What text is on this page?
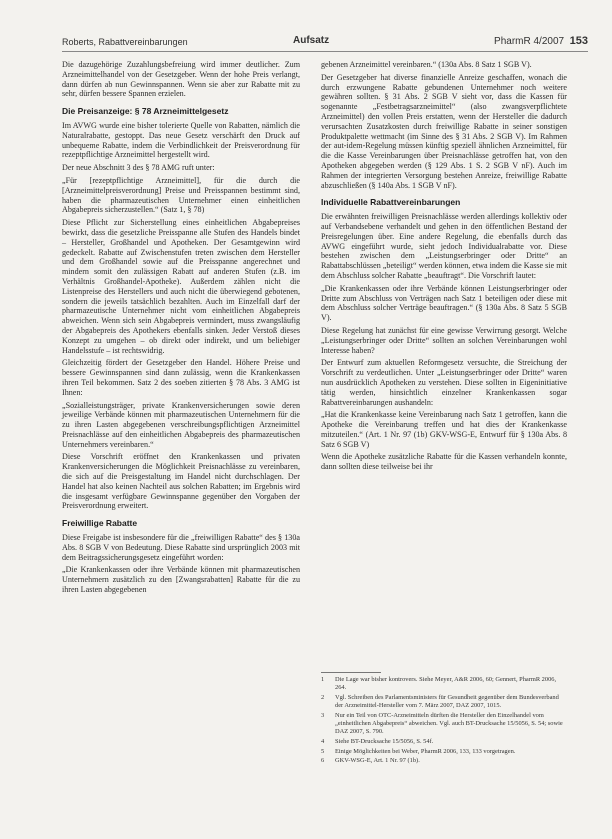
Roberts, Rabattvereinbarungen	Aufsatz	PharmR 4/2007 153

Die dazugehörige Zuzahlungsbefreiung wird immer deutlicher. Zum Arzneimittelhandel von der Gesetzgeber. Wenn der hohe Preis verlangt, dann dürfen ab nun Gewinnspannen. Wenn sie aber zur Rabatte mit zu sehr, dürfen bessere Spannen erzielen.

Die Preisanzeige: § 78 Arzneimittelgesetz

Im AVWG wurde eine bisher tolerierte Quelle von Rabatten, nämlich die Naturalrabatte, gestoppt. Das neue Gesetz verschärft den Druck auf unbequeme Rabatte, indem die Verbindlichkeit der Preisverordnung für rezeptpflichtige Arzneimittel hergestellt wird.

Der neue Abschnitt 3 des § 78 AMG ruft unter:

„Für [rezeptpflichtige Arzneimittel], für die durch die [Arzneimittelpreisverordnung] Preise und Preisspannen bestimmt sind, haben die pharmazeutischen Unternehmer einen einheitlichen Abgabepreis sicherzustellen.“ (Satz 1, § 78)

Diese Pflicht zur Sicherstellung eines einheitlichen Abgabepreises bewirkt, dass die gesetzliche Preisspanne alle Stufen des Handels bindet – Hersteller, Großhandel und Apotheken. Der Gesamtgewinn wird gedeckelt. Rabatte auf Zwischenstufen treten zwischen dem Hersteller und dem Großhandel sowie auf die Preisspanne angerechnet und mindern somit den zulässigen Rabatt auf anderen Stufen (z.B. im Verhältnis Großhandel-Apotheke). Außerdem zählen nicht die Listenpreise des Herstellers und auch nicht die überwiegend gebotenen, sondern die jeweils tatsächlich bezahlten. Auch im Einzelfall darf der pharmazeutische Unternehmer nicht vom einheitlichen Abgabepreis abweichen. Wenn sich sein Abgabepreis vermindert, muss zwangsläufig der Abgabepreis des Apothekers ebenfalls sinken. Jeder Verstoß dieses Konzept zu umgehen – ob direkt oder indirekt, und um beliebiger Handelsstufe – ist rechtswidrig.

Gleichzeitig fördert der Gesetzgeber den Handel. Höhere Preise und bessere Gewinnspannen sind dann zulässig, wenn die Krankenkassen ihren Teil bekommen. Satz 2 des soeben zitierten § 78 Abs. 3 AMG ist Ihnen:

„Sozialleistungsträger, private Krankenversicherungen sowie deren jeweilige Verbände können mit pharmazeutischen Unternehmern für die zu ihren Lasten abgegebenen verschreibungspflichtigen Arzneimittel Preisnachlässe auf den einheitlichen Abgabepreis des pharmazeutischen Unternehmers vereinbaren.“

Diese Vorschrift eröffnet den Krankenkassen und privaten Krankenversicherungen die Möglichkeit Preisnachlässe zu vereinbaren, die sich auf die Preisgestaltung im Handel nicht durchschlagen. Der Handel hat also keinen Nachteil aus solchen Rabatten; im Ergebnis wird die insgesamt verfügbare Gewinnspanne gegenüber den Vorgaben der Preisverordnung erweitert.

Freiwillige Rabatte

Diese Freigabe ist insbesondere für die „freiwilligen Rabatte“ des § 130a Abs. 8 SGB V von Bedeutung. Diese Rabatte sind ursprünglich 2003 mit dem Beitragssicherungsgesetz eingeführt worden:

„Die Krankenkassen oder ihre Verbände können mit pharmazeutischen Unternehmern zusätzlich zu den [Zwangsrabatten] Rabatte für die zu ihren Lasten abgegebenen

gebenen Arzneimittel vereinbaren.“ (130a Abs. 8 Satz 1 SGB V).

Der Gesetzgeber hat diverse finanzielle Anreize geschaffen, wonach die durch erzwungene Rabatte gebundenen Unternehmer noch weitere gewähren sollten. § 31 Abs. 2 SGB V sieht vor, dass die Kassen für sogenannte „Festbetragsarzneimittel“ (also zwangsverpflichtete Arzneimittel) den vollen Preis erstatten, wenn der Hersteller die dadurch verursachten Zusatzkosten durch freiwillige Rabatte in seiner sonstigen Produktpalette wettmacht (im Sinne des § 31 Abs. 2 SGB V). Im Rahmen der aut-idem-Regelung müssen künftig speziell ähnlichen Arzneimittel, für die die Kasse Vereinbarungen über Preisnachlässe getroffen hat, von den Apotheken abgegeben werden (§ 129 Abs. 1 S. 2 SGB V nF). Auch im Rahmen der integrierten Versorgung bestehen Anreize, freiwillige Rabatte abzuschließen (§ 140a Abs. 1 SGB V nF).

Individuelle Rabattvereinbarungen

Die erwähnten freiwilligen Preisnachlässe werden allerdings kollektiv oder auf Verbandsebene verhandelt und gehen in den öffentlichen Bestand der Preisregelungen über. Eine andere Regelung, die ebenfalls durch das AVWG eingeführt wurde, sieht jedoch Individualrabatte vor. Diese bestehen zwischen dem „Leistungserbringer oder Dritte“ an Rabattabschlüssen „beteiligt“ werden können, etwa indem die Kasse sie mit dem Abschluss solcher Rabatte „beauftragt“. Die Vorschrift lautet:

„Die Krankenkassen oder ihre Verbände können Leistungserbringer oder Dritte zum Abschluss von Verträgen nach Satz 1 beteiligen oder diese mit dem Abschluss solcher Verträge beauftragen.“ (§ 130a Abs. 8 Satz 5 SGB V).

Diese Regelung hat zunächst für eine gewisse Verwirrung gesorgt. Welche „Leistungserbringer oder Dritte“ sollten an solchen Vereinbarungen wohl Interesse haben?

Der Entwurf zum aktuellen Reformgesetz versuchte, die Streichung der Vorschrift zu verdeutlichen. Unter „Leistungserbringer oder Dritte“ waren nun ausdrücklich Apotheken zu verstehen. Diese sollten in Eigeninitiative tätig werden, hinsichtlich einzelner Krankenkassen sogar Rabattvereinbarungen aushandeln:

„Hat die Krankenkasse keine Vereinbarung nach Satz 1 getroffen, kann die Apotheke die Vereinbarung treffen und hat dies der Krankenkasse mitzuteilen.“ (Art. 1 Nr. 97 (1b) GKV-WSG-E, Entwurf für § 130a Abs. 8 Satz 6 SGB V)

Wenn die Apotheke zusätzliche Rabatte für die Kassen verhandeln konnte, dann sollten diese teilweise bei ihr

1	Die Lage war bisher kontrovers. Siehe Meyer, A&R 2006, 60; Gennert, PharmR 2006, 264.
2	Vgl. Schreiben des Parlamentsministers für Gesundheit gegenüber dem Bundesverband der Arzneimittel-Hersteller vom 7. März 2007, DAZ 2007, 1015.
3	Nur ein Teil von OTC-Arzneimitteln dürften die Hersteller den Einzelhandel vom „einheitlichen Abgabepreis“ abweichen. Vgl. auch BT-Drucksache 15/5056, S. 54; sowie DAZ 2007, S. 790.
4	Siehe BT-Drucksache 15/5056, S. 54f.
5	Einige Möglichkeiten bei Weber, PharmR 2006, 133, 133 vorgetragen.
6	GKV-WSG-E, Art. 1 Nr. 97 (1b).
